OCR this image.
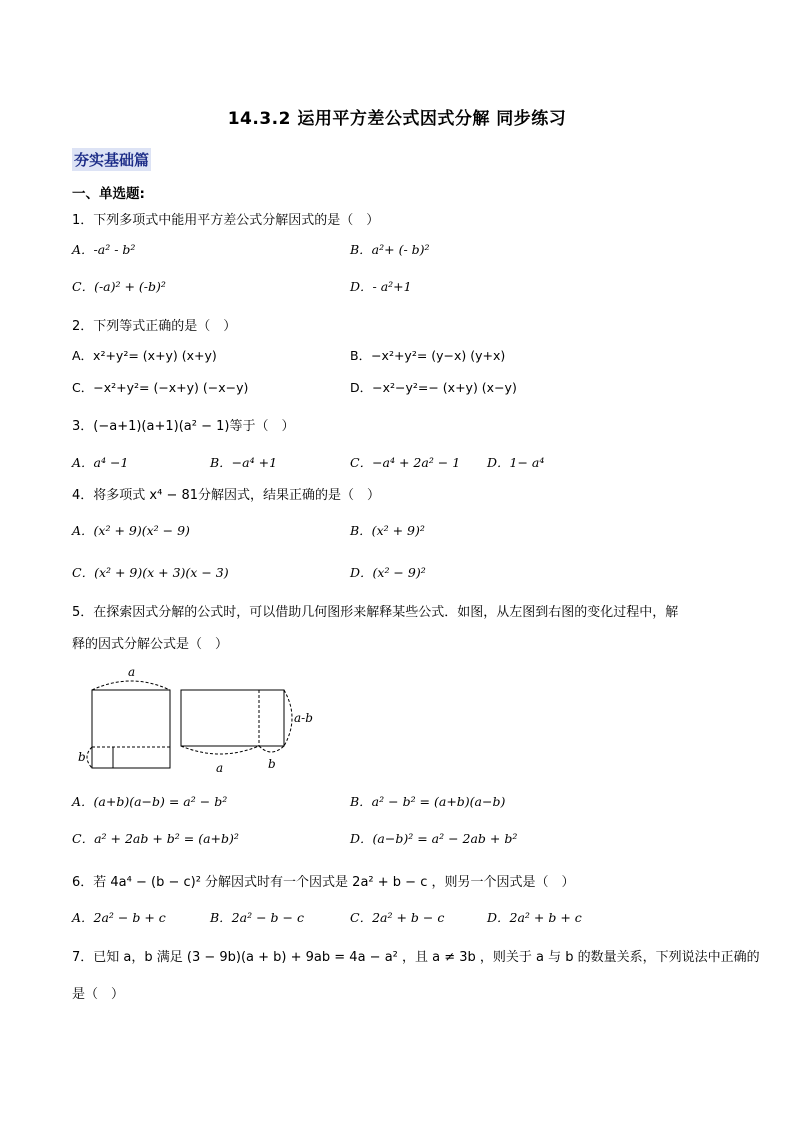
14.3.2 运用平方差公式因式分解 同步练习
夯实基础篇
一、单选题:
1．下列多项式中能用平方差公式分解因式的是（　）
A．-a² - b²	B．a²+ (- b)²
C．(-a)² + (-b)²	D．- a²+1
2．下列等式正确的是（　）
A．x²+y²= (x+y) (x+y)	B．−x²+y²= (y−x) (y+x)
C．−x²+y²= (−x+y) (−x−y)	D．−x²−y²=− (x+y) (x−y)
3．(−a+1)(a+1)(a² − 1)等于（　）
A．a⁴ −1	B．−a⁴ +1	C．−a⁴ + 2a² − 1 D．1− a⁴
4．将多项式 x⁴ − 81分解因式，结果正确的是（　）
A．(x² + 9)(x² − 9)	B．(x² + 9)²
C．(x² + 9)(x + 3)(x − 3)	D．(x² − 9)²
5．在探索因式分解的公式时，可以借助几何图形来解释某些公式．如图，从左图到右图的变化过程中，解
释的因式分解公式是（　）
a
b
a-b
a	b
A．(a+b)(a−b) = a² − b²	B．a² − b² = (a+b)(a−b)
C．a² + 2ab + b² = (a+b)²	D．(a−b)² = a² − 2ab + b²
6．若 4a⁴ − (b − c)² 分解因式时有一个因式是 2a² + b − c ，则另一个因式是（　）
A．2a² − b + c	B．2a² − b − c	C．2a² + b − c	D．2a² + b + c
7．已知 a，b 满足 (3 − 9b)(a + b) + 9ab = 4a − a² ，且 a ≠ 3b ，则关于 a 与 b 的数量关系，下列说法中正确的
是（　）
